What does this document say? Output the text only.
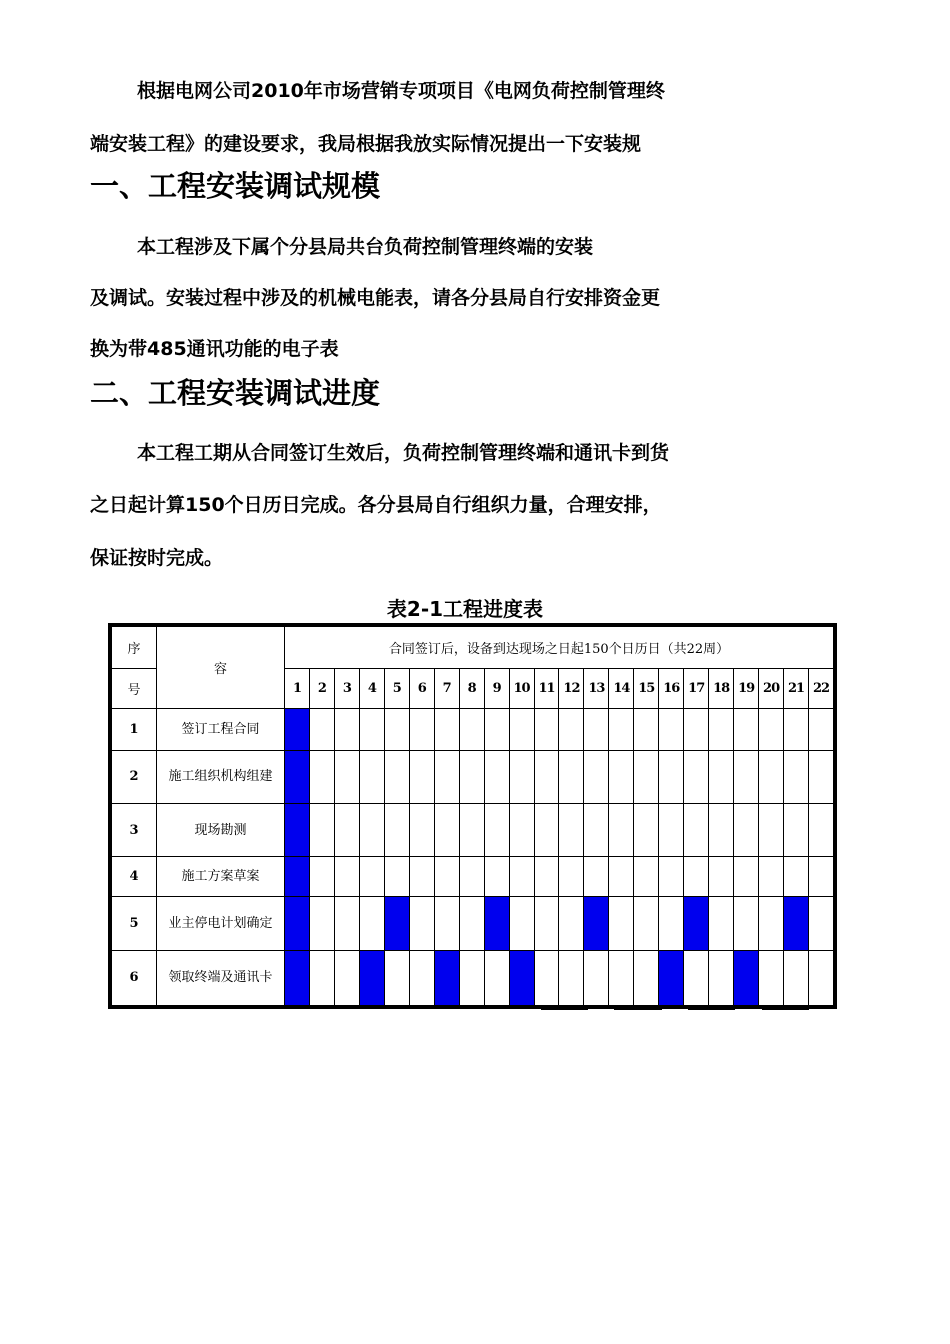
根据电网公司2010年市场营销专项项目《电网负荷控制管理终
端安装工程》的建设要求，我局根据我放实际情况提出一下安装规
一、工程安装调试规模
本工程涉及下属个分县局共台负荷控制管理终端的安装
及调试。安装过程中涉及的机械电能表，请各分县局自行安排资金更
换为带485通讯功能的电子表
二、工程安装调试进度
本工程工期从合同签订生效后，负荷控制管理终端和通讯卡到货
之日起计算150个日历日完成。各分县局自行组织力量，合理安排，
保证按时完成。
表2-1工程进度表
序	容	合同签订后，设备到达现场之日起150个日历日（共22周）																					
号		1	2	3	4	5	6	7	8	9	10	11	12	13	14	15	16	17	18	19	20	21	22
1	签订工程合同																						
2	施工组织机构组建																						
3	现场勘测																						
4	施工方案草案																						
5	业主停电计划确定																						
6	领取终端及通讯卡																						
